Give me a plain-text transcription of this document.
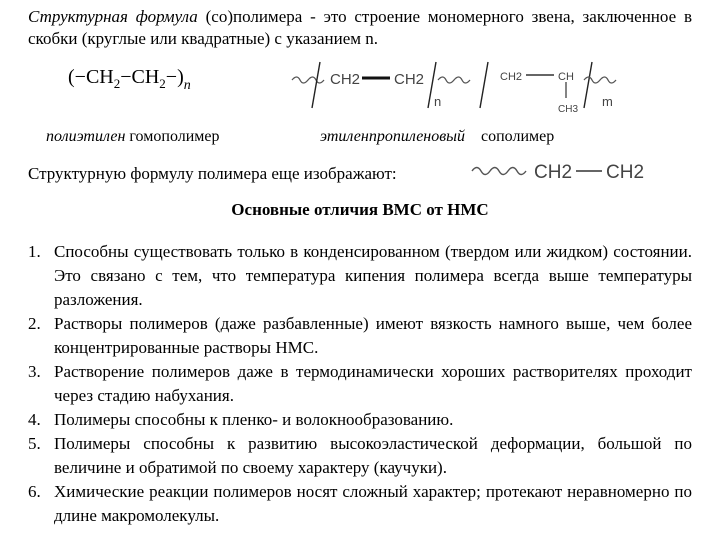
Структурная формула (со)полимера - это строение мономерного звена, заключенное в скобки (круглые или квадратные) с указанием n.
$(-CH_2-CH_2-)_n$	CH2 CH2
n
CH2	CH
CH3
m
полиэтилен гомополимер	этиленпропиленовый сополимер
Структурную формулу полимера еще изображают:	CH2 CH2
Основные отличия ВМС от НМС
1. Способны существовать только в конденсированном (твердом или жидком) состоянии. Это связано с тем, что температура кипения полимера всегда выше температуры разложения.
2. Растворы полимеров (даже разбавленные) имеют вязкость намного выше, чем более концентрированные растворы НМС.
3. Растворение полимеров даже в термодинамически хороших растворителях проходит через стадию набухания.
4. Полимеры способны к пленко- и волокнообразованию.
5. Полимеры способны к развитию высокоэластической деформации, большой по величине и обратимой по своему характеру (каучуки).
6. Химические реакции полимеров носят сложный характер; протекают неравномерно по длине макромолекулы.
